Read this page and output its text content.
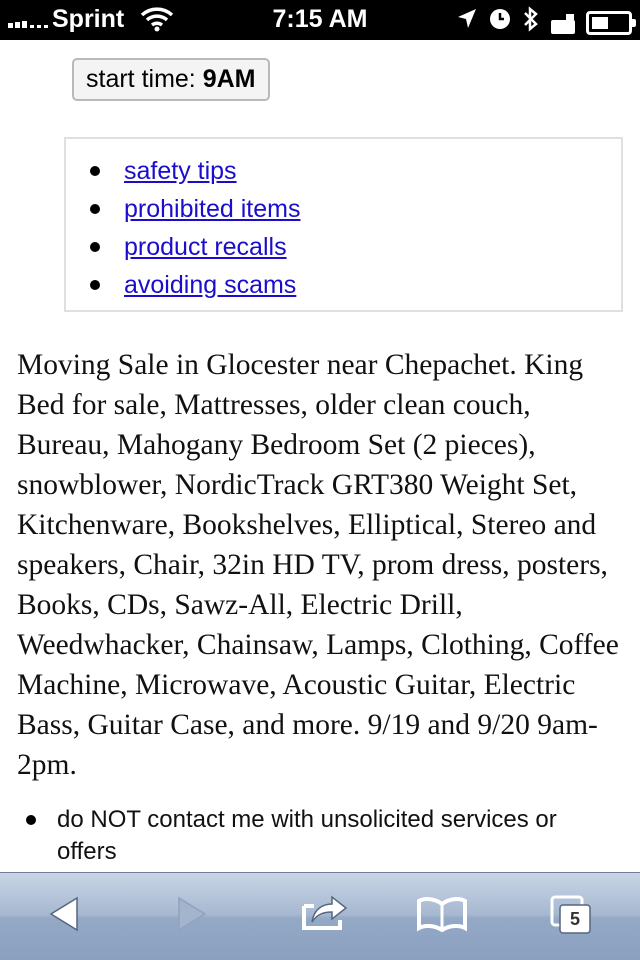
Sprint	7:15 AM
start time: 9AM
safety tips
prohibited items
product recalls
avoiding scams

Moving Sale in Glocester near Chepachet. King Bed for sale, Mattresses, older clean couch, Bureau, Mahogany Bedroom Set (2 pieces), snowblower, NordicTrack GRT380 Weight Set, Kitchenware, Bookshelves, Elliptical, Stereo and speakers, Chair, 32in HD TV, prom dress, posters, Books, CDs, Sawz-All, Electric Drill, Weedwhacker, Chainsaw, Lamps, Clothing, Coffee Machine, Microwave, Acoustic Guitar, Electric Bass, Guitar Case, and more. 9/19 and 9/20 9am-2pm.

do NOT contact me with unsolicited services or offers
5
